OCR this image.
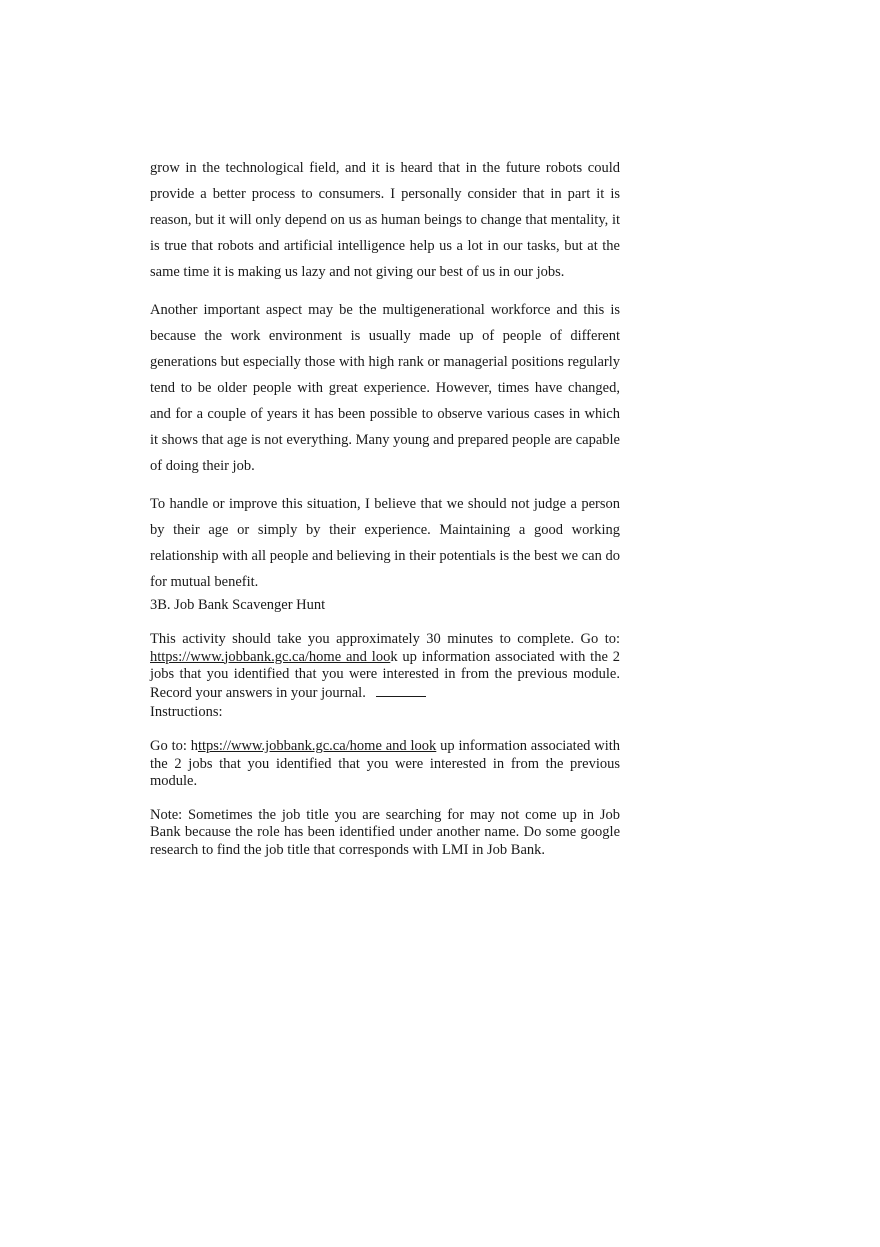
grow in the technological field, and it is heard that in the future robots could provide a better process to consumers. I personally consider that in part it is reason, but it will only depend on us as human beings to change that mentality, it is true that robots and artificial intelligence help us a lot in our tasks, but at the same time it is making us lazy and not giving our best of us in our jobs.

Another important aspect may be the multigenerational workforce and this is because the work environment is usually made up of people of different generations but especially those with high rank or managerial positions regularly tend to be older people with great experience. However, times have changed, and for a couple of years it has been possible to observe various cases in which it shows that age is not everything. Many young and prepared people are capable of doing their job.

To handle or improve this situation, I believe that we should not judge a person by their age or simply by their experience. Maintaining a good working relationship with all people and believing in their potentials is the best we can do for mutual benefit.

3B. Job Bank Scavenger Hunt

This activity should take you approximately 30 minutes to complete. Go to: https://www.jobbank.gc.ca/home and look up information associated with the 2 jobs that you identified that you were interested in from the previous module. Record your answers in your journal.

Instructions:

Go to: https://www.jobbank.gc.ca/home and look up information associated with the 2 jobs that you identified that you were interested in from the previous module.

Note: Sometimes the job title you are searching for may not come up in Job Bank because the role has been identified under another name. Do some google research to find the job title that corresponds with LMI in Job Bank.
